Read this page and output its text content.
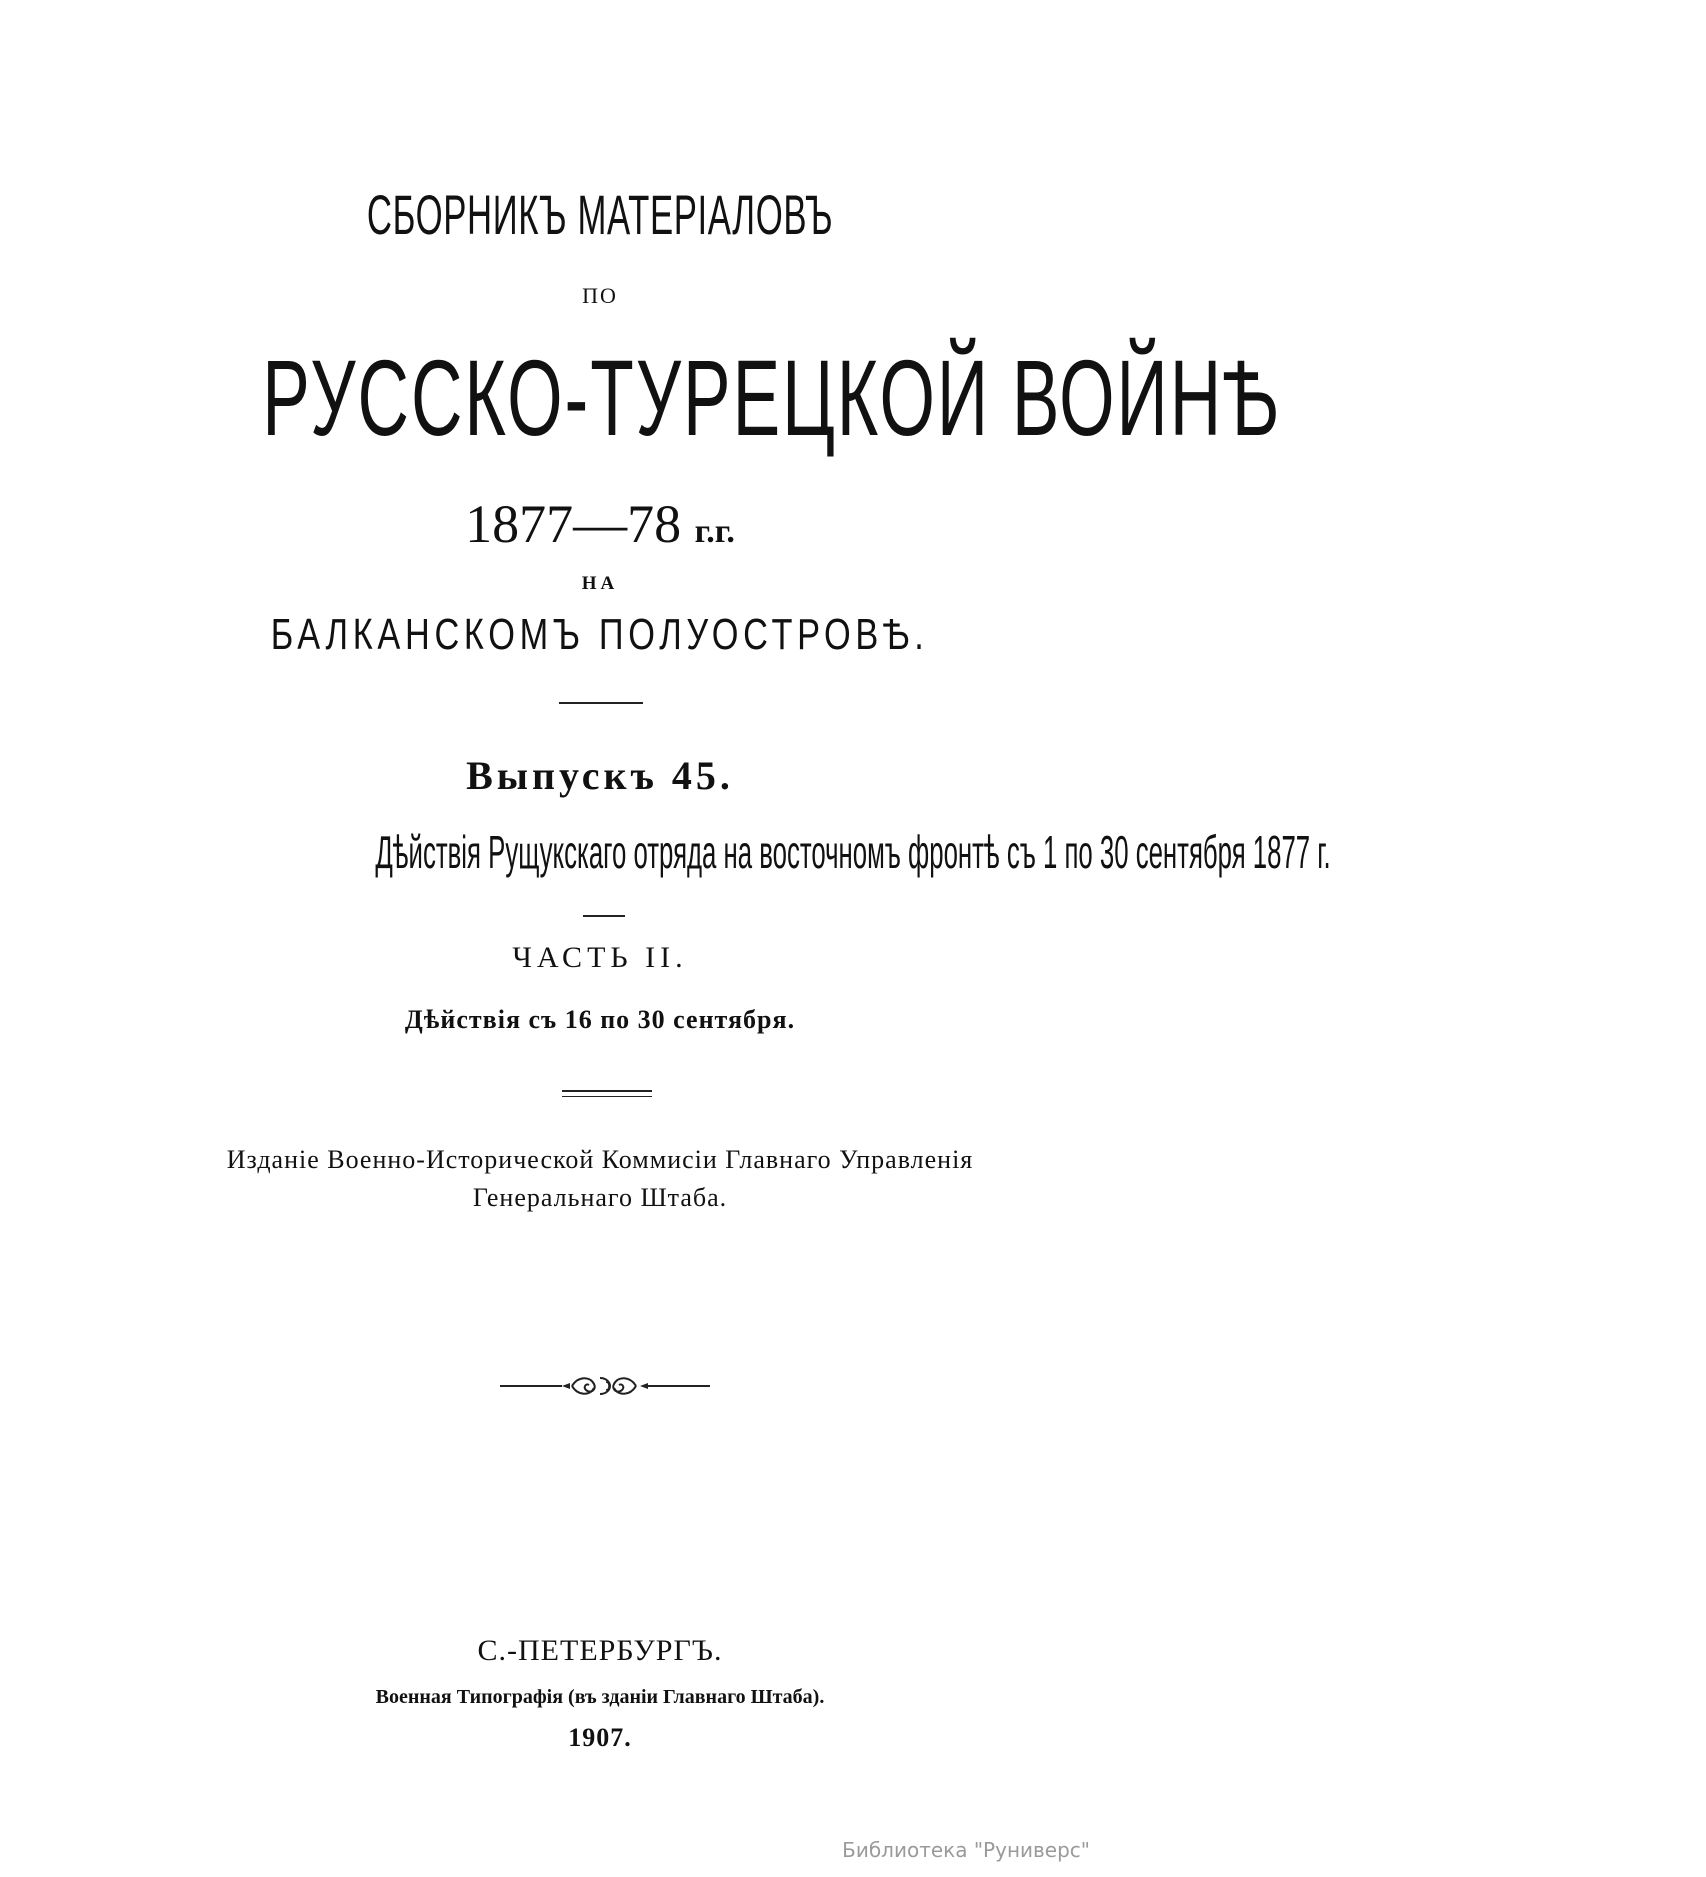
СБОРНИКЪ МАТЕРІАЛОВЪ
ПО
РУССКО-ТУРЕЦКОЙ ВОЙНѢ
1877—78 г.г.
НА
БАЛКАНСКОМЪ ПОЛУОСТРОВѢ.
Выпускъ 45.
Дѣйствія Рущукскаго отряда на восточномъ фронтѣ съ 1 по 30 сентября 1877 г.
ЧАСТЬ II.
Дѣйствія съ 16 по 30 сентября.
Изданіе Военно-Исторической Коммисіи Главнаго Управленія
Генеральнаго Штаба.
С.-ПЕТЕРБУРГЪ.
Военная Типографія (въ зданіи Главнаго Штаба).
1907.
Библиотека "Руниверс"
